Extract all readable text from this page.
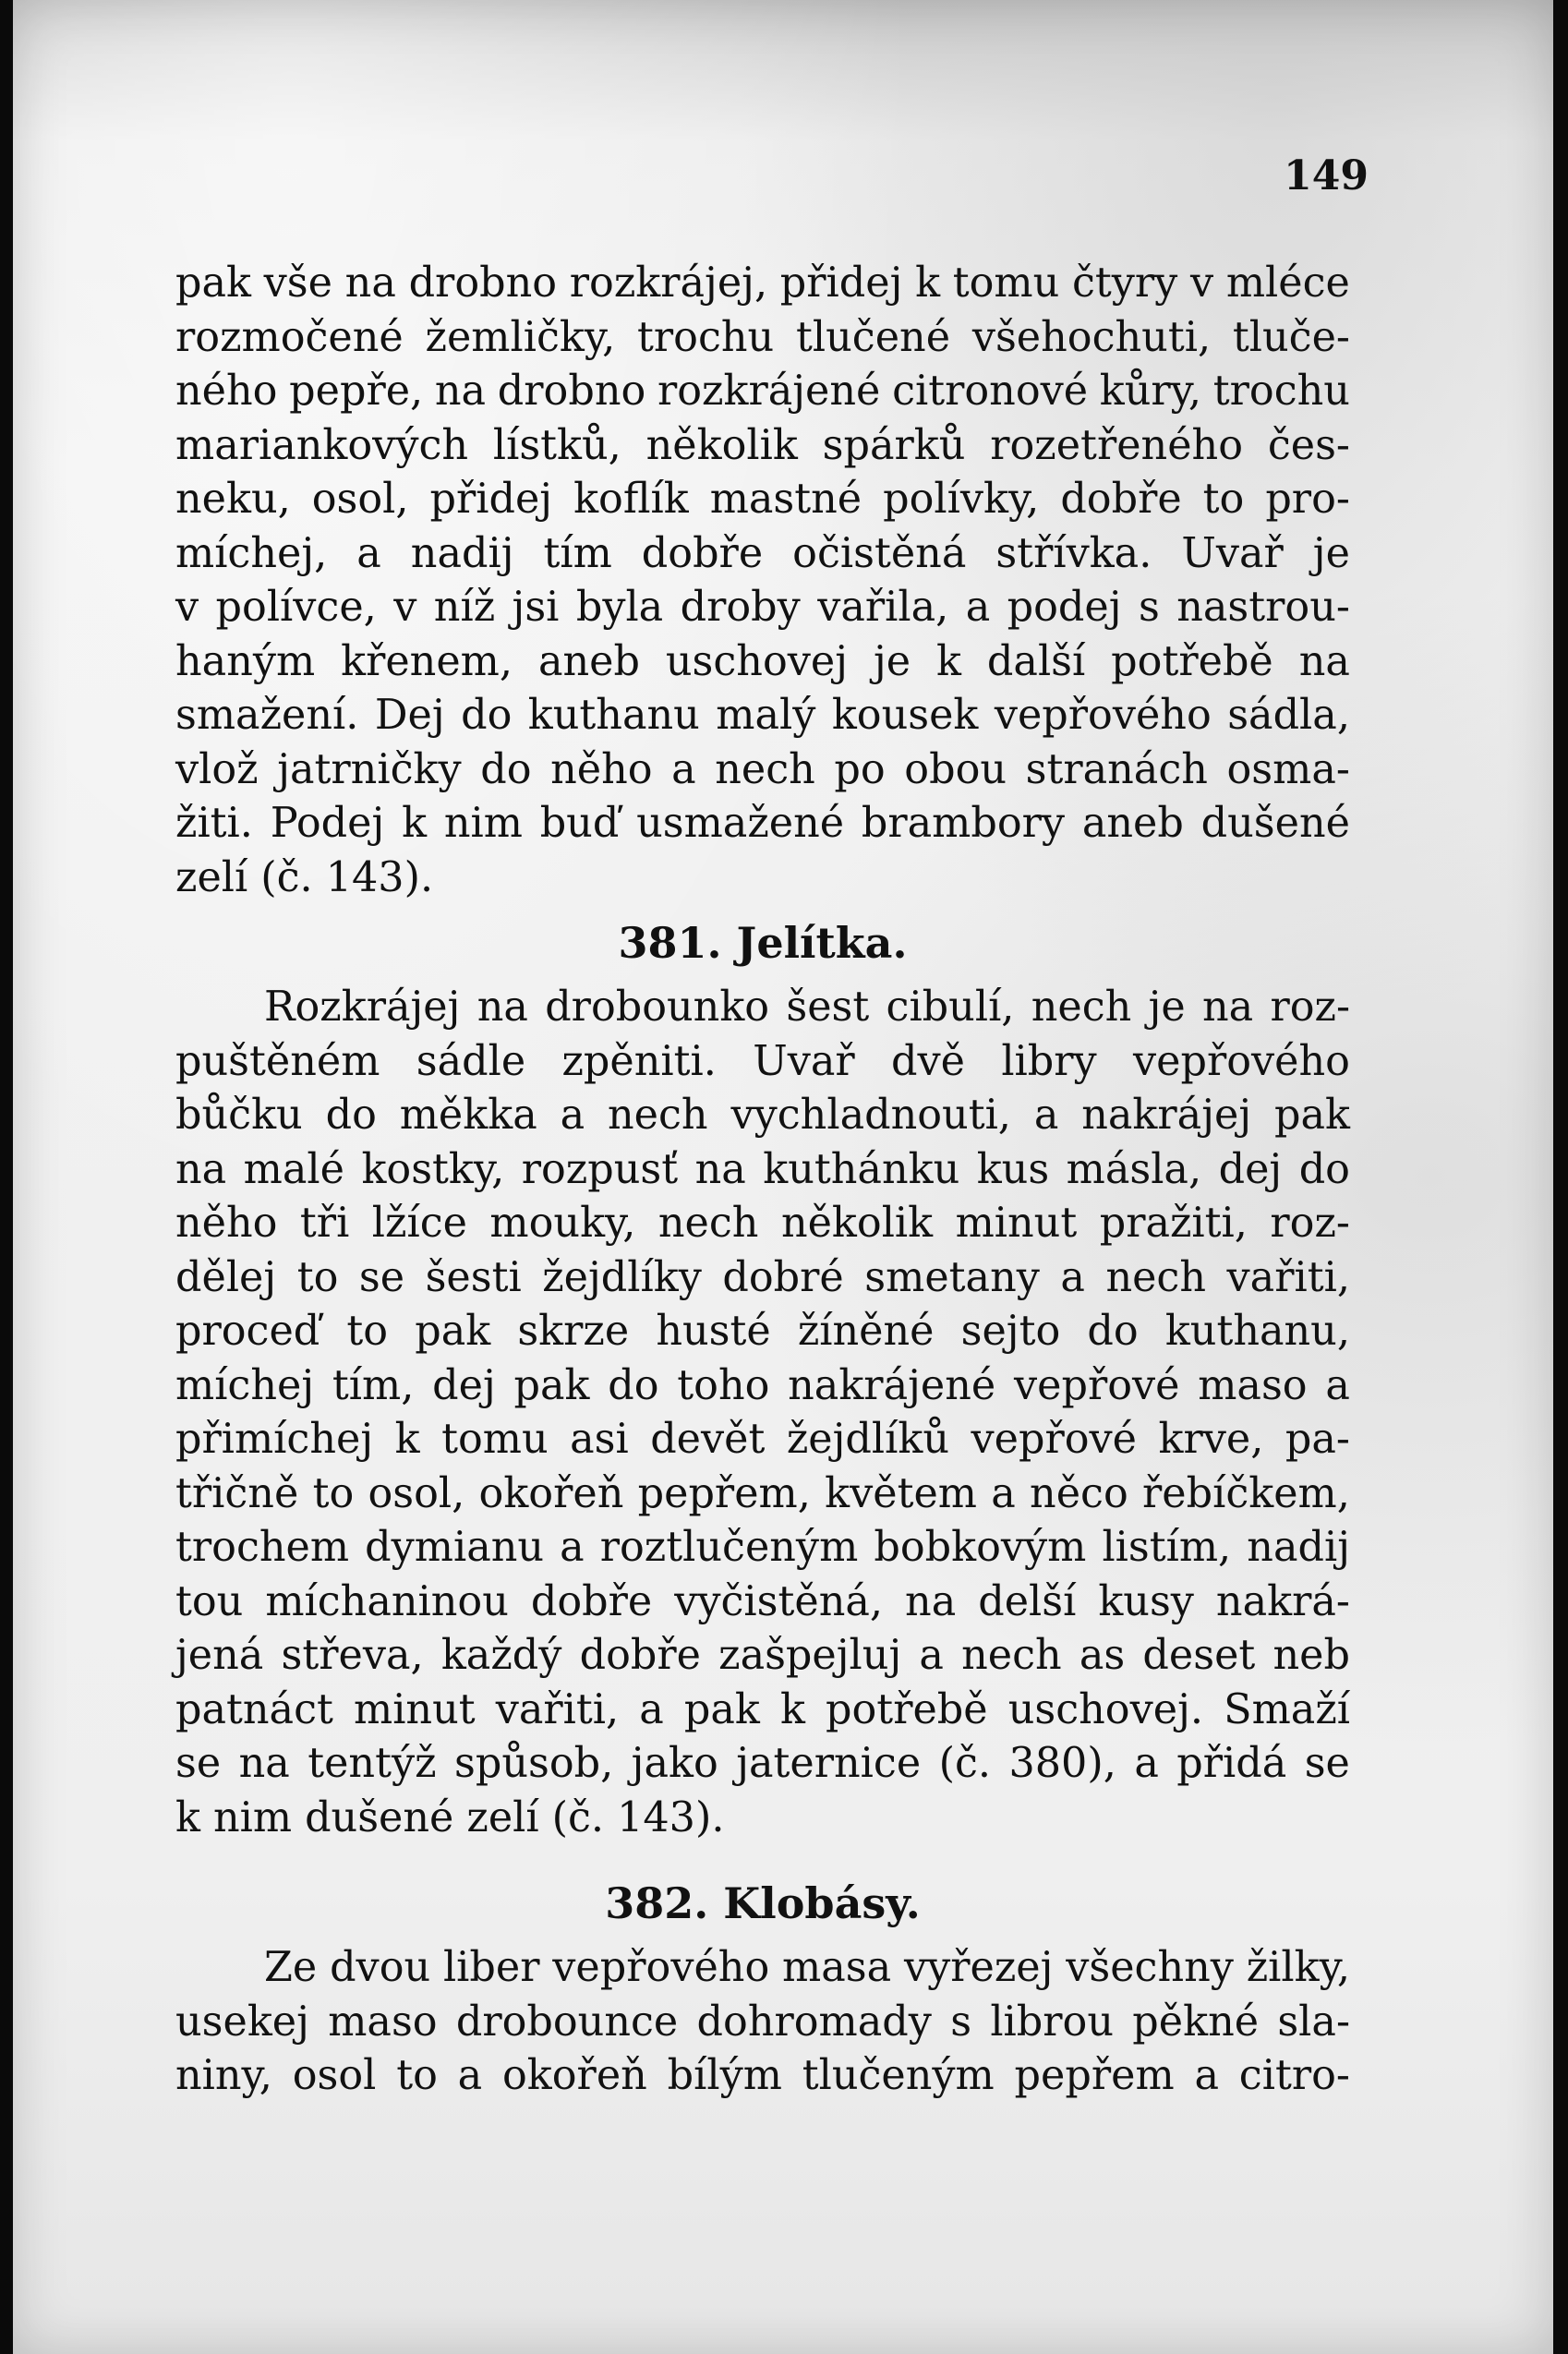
149
pak vše na drobno rozkrájej, přidej k tomu čtyry v mléce
rozmočené žemličky, trochu tlučené všehochuti, tluče-
ného pepře, na drobno rozkrájené citronové kůry, trochu
mariankových lístků, několik spárků rozetřeného čes-
neku, osol, přidej koflík mastné polívky, dobře to pro-
míchej, a nadij tím dobře očistěná střívka. Uvař je
v polívce, v níž jsi byla droby vařila, a podej s nastrou-
haným křenem, aneb uschovej je k další potřebě na
smažení. Dej do kuthanu malý kousek vepřového sádla,
vlož jatrničky do něho a nech po obou stranách osma-
žiti. Podej k nim buď usmažené brambory aneb dušené
zelí (č. 143).
381. Jelítka.
Rozkrájej na drobounko šest cibulí, nech je na roz-
puštěném sádle zpěniti. Uvař dvě libry vepřového
bůčku do měkka a nech vychladnouti, a nakrájej pak
na malé kostky, rozpusť na kuthánku kus másla, dej do
něho tři lžíce mouky, nech několik minut pražiti, roz-
dělej to se šesti žejdlíky dobré smetany a nech vařiti,
proceď to pak skrze husté žíněné sejto do kuthanu,
míchej tím, dej pak do toho nakrájené vepřové maso a
přimíchej k tomu asi devět žejdlíků vepřové krve, pa-
třičně to osol, okořeň pepřem, květem a něco řebíčkem,
trochem dymianu a roztlučeným bobkovým listím, nadij
tou míchaninou dobře vyčistěná, na delší kusy nakrá-
jená střeva, každý dobře zašpejluj a nech as deset neb
patnáct minut vařiti, a pak k potřebě uschovej. Smaží
se na tentýž spůsob, jako jaternice (č. 380), a přidá se
k nim dušené zelí (č. 143).
382. Klobásy.
Ze dvou liber vepřového masa vyřezej všechny žilky,
usekej maso drobounce dohromady s librou pěkné sla-
niny, osol to a okořeň bílým tlučeným pepřem a citro-
